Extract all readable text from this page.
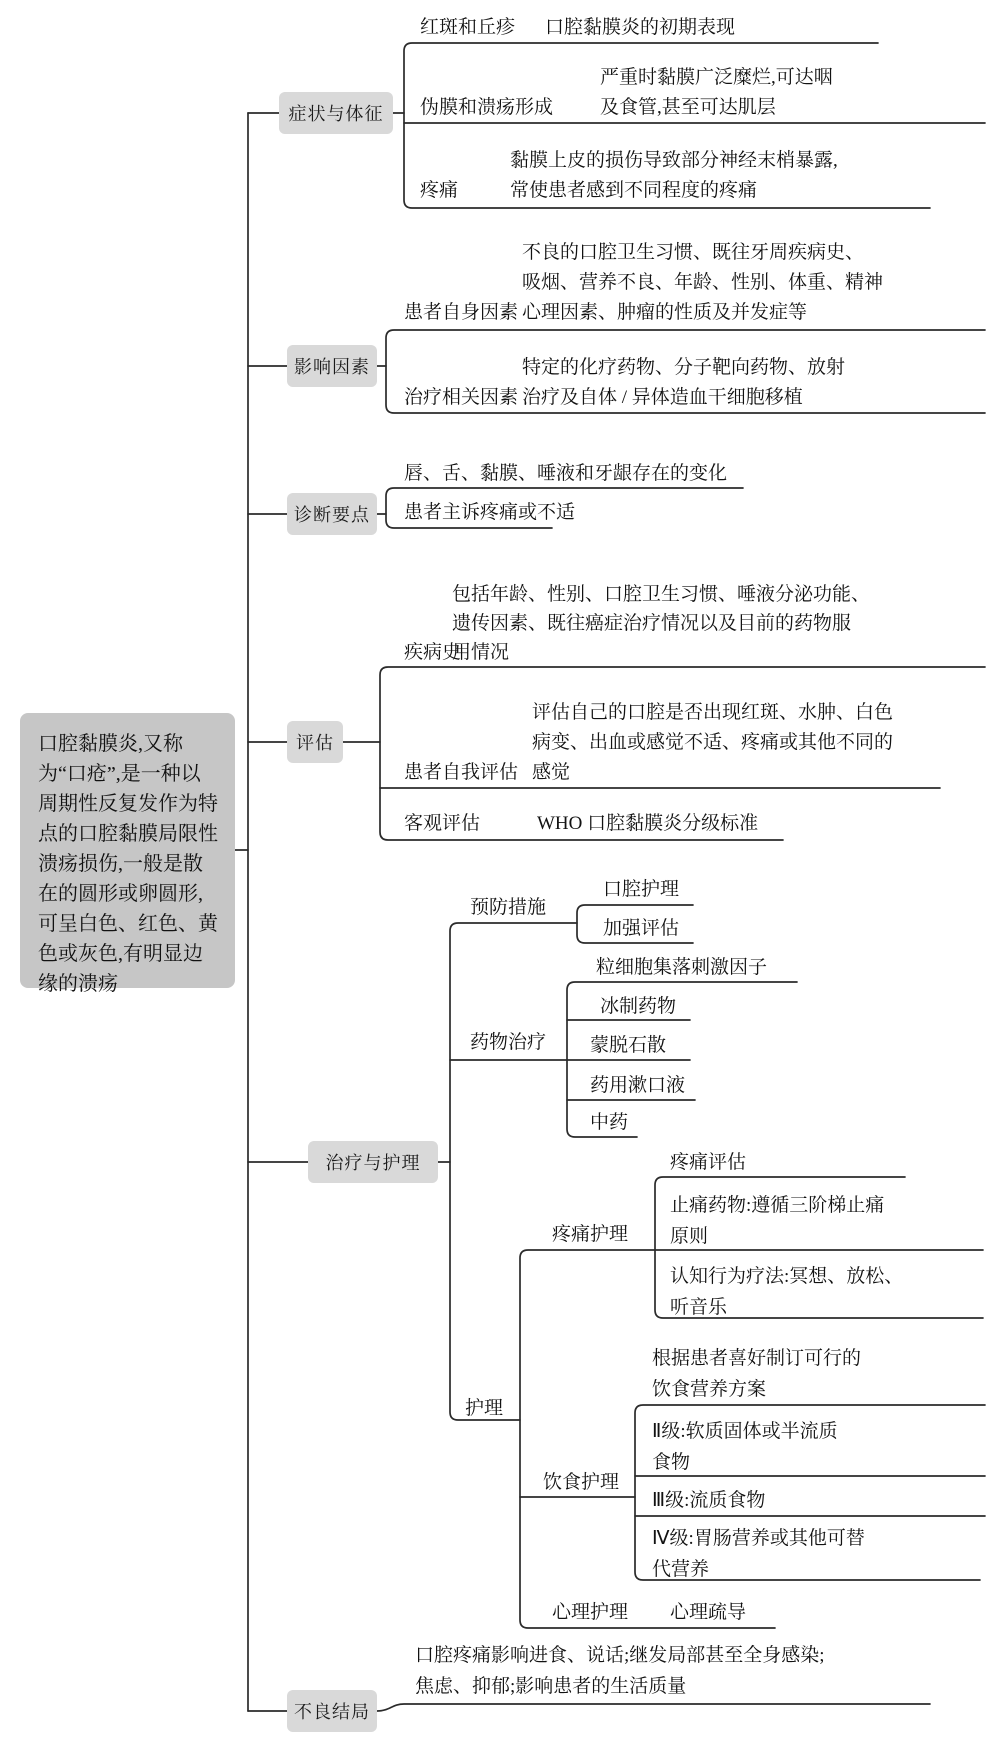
口腔黏膜炎,又称为“口疮”,是一种以周期性反复发作为特点的口腔黏膜局限性溃疡损伤,一般是散在的圆形或卵圆形,可呈白色、红色、黄色或灰色,有明显边缘的溃疡
症状与体征
影响因素
诊断要点
评估
治疗与护理
不良结局
红斑和丘疹 口腔黏膜炎的初期表现
伪膜和溃疡形成
严重时黏膜广泛糜烂,可达咽
及食管,甚至可达肌层
疼痛
黏膜上皮的损伤导致部分神经末梢暴露,
常使患者感到不同程度的疼痛
患者自身因素
不良的口腔卫生习惯、既往牙周疾病史、
吸烟、营养不良、年龄、性别、体重、精神
心理因素、肿瘤的性质及并发症等
治疗相关因素
特定的化疗药物、分子靶向药物、放射
治疗及自体 / 异体造血干细胞移植
唇、舌、黏膜、唾液和牙龈存在的变化
患者主诉疼痛或不适
疾病史
包括年龄、性别、口腔卫生习惯、唾液分泌功能、
遗传因素、既往癌症治疗情况以及目前的药物服
用情况
患者自我评估
评估自己的口腔是否出现红斑、水肿、白色
病变、出血或感觉不适、疼痛或其他不同的
感觉
客观评估	WHO 口腔黏膜炎分级标准
预防措施
口腔护理
加强评估
药物治疗
粒细胞集落刺激因子
冰制药物
蒙脱石散
药用漱口液
中药
护理
疼痛护理
疼痛评估
止痛药物:遵循三阶梯止痛
原则
认知行为疗法:冥想、放松、
听音乐
饮食护理
根据患者喜好制订可行的
饮食营养方案
Ⅱ级:软质固体或半流质
食物
Ⅲ级:流质食物
Ⅳ级:胃肠营养或其他可替
代营养
心理护理 心理疏导
口腔疼痛影响进食、说话;继发局部甚至全身感染;
焦虑、抑郁;影响患者的生活质量
